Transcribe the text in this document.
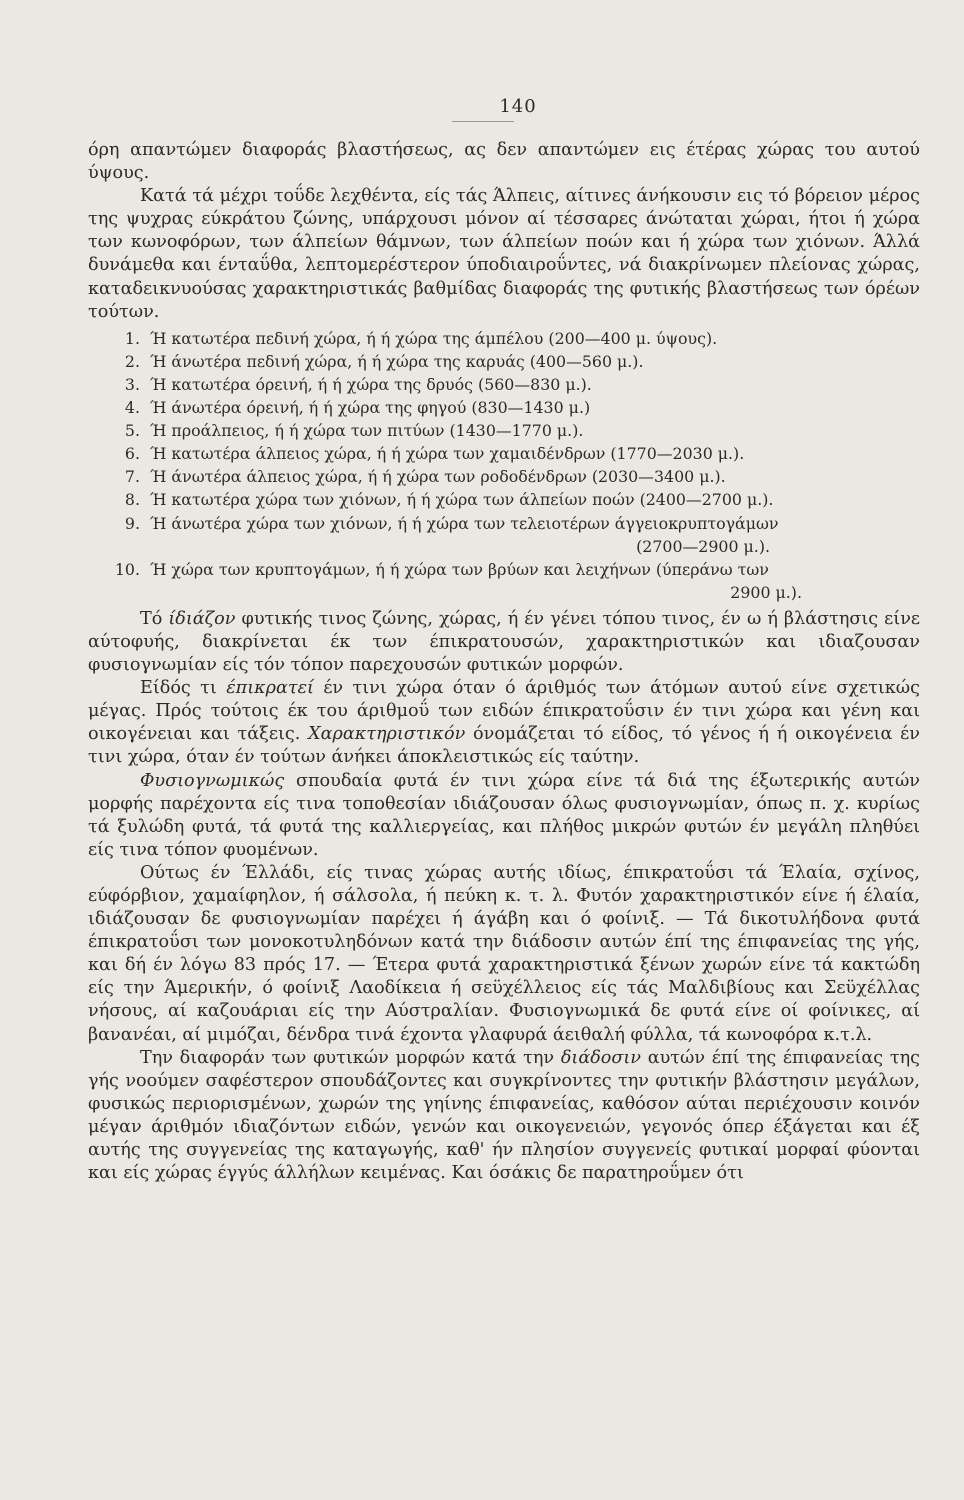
140

όρη απαντώμεν διαφοράς βλαστήσεως, ας δεν απαντώμεν εις έτέρας χώρας του αυτού ύψους.

Κατά τά μέχρι τοΰδε λεχθέντα, είς τάς Άλπεις, αίτινες άνήκουσιν εις τό βόρειον μέρος της ψυχρας εύκράτου ζώνης, υπάρχουσι μόνον αί τέσσαρες άνώταται χώραι, ήτοι ή χώρα των κωνοφόρων, των άλπείων θάμνων, των άλπείων ποών και ή χώρα των χιόνων. Άλλά δυνάμεθα και ένταΰθα, λεπτομερέστερον ύποδιαιροΰντες, νά διακρίνωμεν πλείονας χώρας, καταδεικνυούσας χαρακτηριστικάς βαθμίδας διαφοράς της φυτικής βλαστήσεως των όρέων τούτων.

1. Ή κατωτέρα πεδινή χώρα, ή ή χώρα της άμπέλου (200—400 μ. ύψους).
2. Ή άνωτέρα πεδινή χώρα, ή ή χώρα της καρυάς (400—560 μ.).
3. Ή κατωτέρα όρεινή, ή ή χώρα της δρυός (560—830 μ.).
4. Ή άνωτέρα όρεινή, ή ή χώρα της φηγού (830—1430 μ.)
5. Ή προάλπειος, ή ή χώρα των πιτύων (1430—1770 μ.).
6. Ή κατωτέρα άλπειος χώρα, ή ή χώρα των χαμαιδένδρων (1770—2030 μ.).
7. Ή άνωτέρα άλπειος χώρα, ή ή χώρα των ροδοδένδρων (2030—3400 μ.).
8. Ή κατωτέρα χώρα των χιόνων, ή ή χώρα των άλπείων ποών (2400—2700 μ.).
9. Ή άνωτέρα χώρα των χιόνων, ή ή χώρα των τελειοτέρων άγγειοκρυπτογάμων
(2700—2900 μ.).
10. Ή χώρα των κρυπτογάμων, ή ή χώρα των βρύων και λειχήνων (ύπεράνω των
2900 μ.).

Τό ίδιάζον φυτικής τινος ζώνης, χώρας, ή έν γένει τόπου τινος, έν ω ή βλάστησις είνε αύτοφυής, διακρίνεται έκ των έπικρατουσών, χαρακτηριστικών και ιδιαζουσαν φυσιογνωμίαν είς τόν τόπον παρεχουσών φυτικών μορφών.

Είδός τι έπικρατεί έν τινι χώρα όταν ό άριθμός των άτόμων αυτού είνε σχετικώς μέγας. Πρός τούτοις έκ του άριθμοΰ των ειδών έπικρατοΰσιν έν τινι χώρα και γένη και οικογένειαι και τάξεις. Χαρακτηριστικόν όνομάζεται τό είδος, τό γένος ή ή οικογένεια έν τινι χώρα, όταν έν τούτων άνήκει άποκλειστικώς είς ταύτην.

Φυσιογνωμικώς σπουδαία φυτά έν τινι χώρα είνε τά διά της έξωτερικής αυτών μορφής παρέχοντα είς τινα τοποθεσίαν ιδιάζουσαν όλως φυσιογνωμίαν, όπως π. χ. κυρίως τά ξυλώδη φυτά, τά φυτά της καλλιεργείας, και πλήθος μικρών φυτών έν μεγάλη πληθύει είς τινα τόπον φυομένων.

Ούτως έν Έλλάδι, είς τινας χώρας αυτής ιδίως, έπικρατοΰσι τά Έλαία, σχίνος, εύφόρβιον, χαμαίφηλον, ή σάλσολα, ή πεύκη κ. τ. λ. Φυτόν χαρακτηριστικόν είνε ή έλαία, ιδιάζουσαν δε φυσιογνωμίαν παρέχει ή άγάβη και ό φοίνιξ. — Τά δικοτυλήδονα φυτά έπικρατοΰσι των μονοκοτυληδόνων κατά την διάδοσιν αυτών έπί της έπιφανείας της γής, και δή έν λόγω 83 πρός 17. — Έτερα φυτά χαρακτηριστικά ξένων χωρών είνε τά κακτώδη είς την Άμερικήν, ό φοίνιξ Λαοδίκεια ή σεϋχέλλειος είς τάς Μαλδιβίους και Σεϋχέλλας νήσους, αί καζουάριαι είς την Αύστραλίαν. Φυσιογνωμικά δε φυτά είνε οί φοίνικες, αί βανανέαι, αί μιμόζαι, δένδρα τινά έχοντα γλαφυρά άειθαλή φύλλα, τά κωνοφόρα κ.τ.λ.

Την διαφοράν των φυτικών μορφών κατά την διάδοσιν αυτών έπί της έπιφανείας της γής νοούμεν σαφέστερον σπουδάζοντες και συγκρίνοντες την φυτικήν βλάστησιν μεγάλων, φυσικώς περιορισμένων, χωρών της γηίνης έπιφανείας, καθόσον αύται περιέχουσιν κοινόν μέγαν άριθμόν ιδιαζόντων ειδών, γενών και οικογενειών, γεγονός όπερ έξάγεται και έξ αυτής της συγγενείας της καταγωγής, καθ' ήν πλησίον συγγενείς φυτικαί μορφαί φύονται και είς χώρας έγγύς άλλήλων κειμένας. Και όσάκις δε παρατηροΰμεν ότι
